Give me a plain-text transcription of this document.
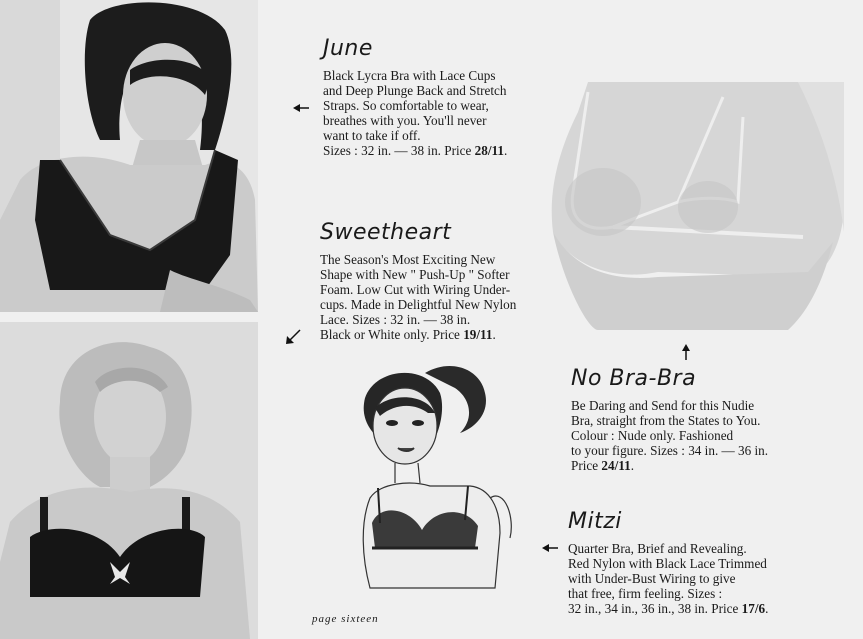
June

Black Lycra Bra with Lace Cups
and Deep Plunge Back and Stretch
Straps. So comfortable to wear,
breathes with you. You'll never
want to take if off.

Sizes : 32 in. — 38 in. Price 28/11.

Sweetheart

The Season's Most Exciting New
Shape with New " Push-Up " Softer
Foam. Low Cut with Wiring Under-
cups. Made in Delightful New Nylon
Lace. Sizes : 32 in. — 38 in.

Black or White only. Price 19/11.

No Bra-Bra

Be Daring and Send for this Nudie
Bra, straight from the States to You.
Colour : Nude only. Fashioned
to your figure. Sizes : 34 in. — 36 in.

Price 24/11.

Mitzi

Quarter Bra, Brief and Revealing.
Red Nylon with Black Lace Trimmed
with Under-Bust Wiring to give
that free, firm feeling. Sizes :

32 in., 34 in., 36 in., 38 in. Price 17/6.

page sixteen
